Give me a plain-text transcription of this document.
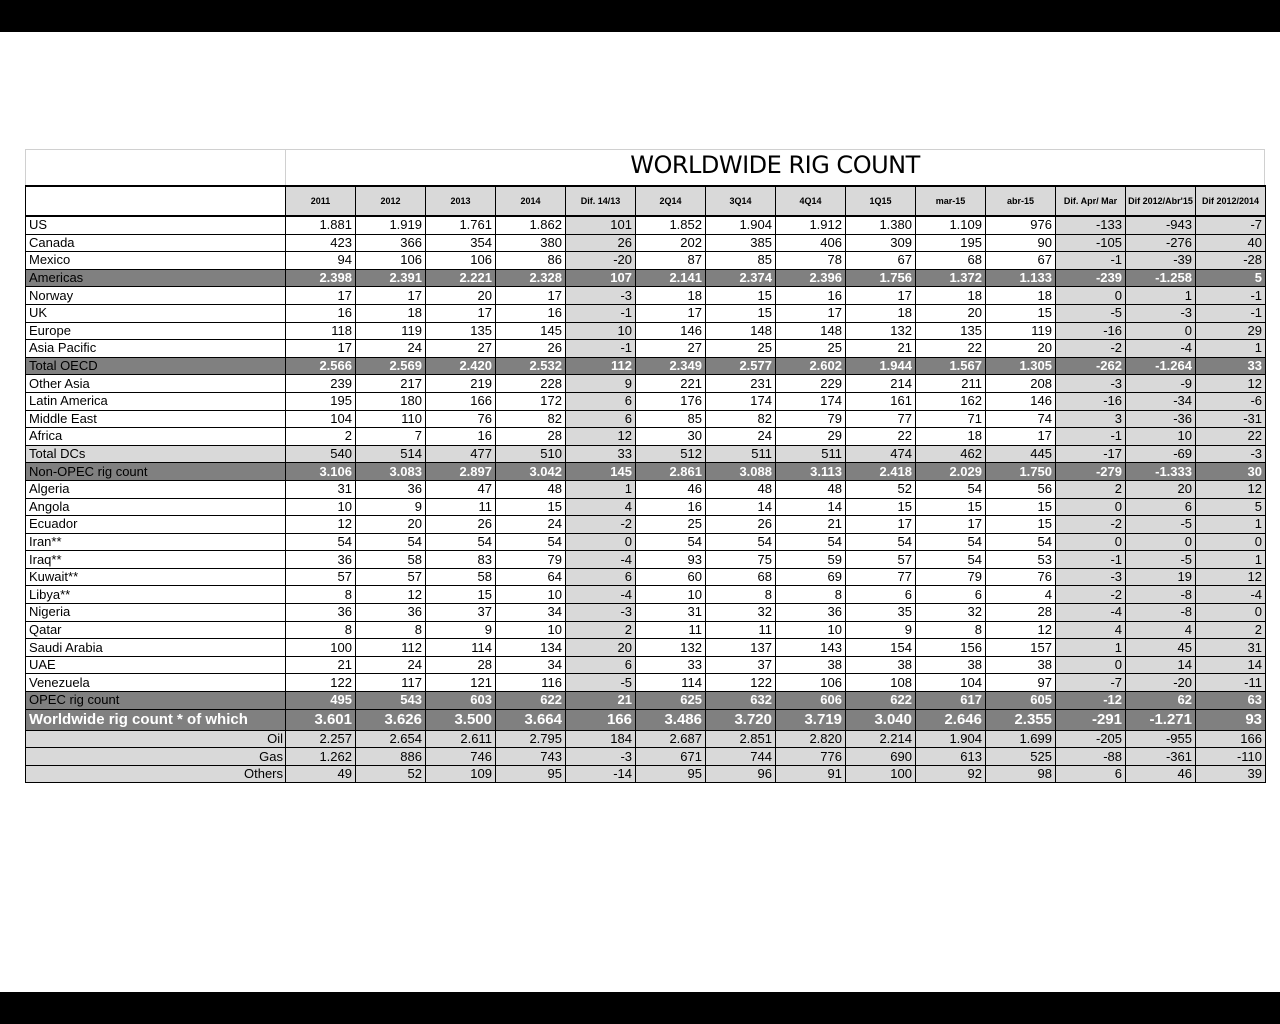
WORLDWIDE RIG COUNT
	2011	2012	2013	2014	Dif. 14/13	2Q14	3Q14	4Q14	1Q15	mar-15	abr-15	Dif. Apr/ Mar	Dif 2012/Abr'15	Dif 2012/2014
US	1.881	1.919	1.761	1.862	101	1.852	1.904	1.912	1.380	1.109	976	-133	-943	-7
Canada	423	366	354	380	26	202	385	406	309	195	90	-105	-276	40
Mexico	94	106	106	86	-20	87	85	78	67	68	67	-1	-39	-28
Americas	2.398	2.391	2.221	2.328	107	2.141	2.374	2.396	1.756	1.372	1.133	-239	-1.258	5
Norway	17	17	20	17	-3	18	15	16	17	18	18	0	1	-1
UK	16	18	17	16	-1	17	15	17	18	20	15	-5	-3	-1
Europe	118	119	135	145	10	146	148	148	132	135	119	-16	0	29
Asia Pacific	17	24	27	26	-1	27	25	25	21	22	20	-2	-4	1
Total OECD	2.566	2.569	2.420	2.532	112	2.349	2.577	2.602	1.944	1.567	1.305	-262	-1.264	33
Other Asia	239	217	219	228	9	221	231	229	214	211	208	-3	-9	12
Latin America	195	180	166	172	6	176	174	174	161	162	146	-16	-34	-6
Middle East	104	110	76	82	6	85	82	79	77	71	74	3	-36	-31
Africa	2	7	16	28	12	30	24	29	22	18	17	-1	10	22
Total DCs	540	514	477	510	33	512	511	511	474	462	445	-17	-69	-3
Non-OPEC rig count	3.106	3.083	2.897	3.042	145	2.861	3.088	3.113	2.418	2.029	1.750	-279	-1.333	30
Algeria	31	36	47	48	1	46	48	48	52	54	56	2	20	12
Angola	10	9	11	15	4	16	14	14	15	15	15	0	6	5
Ecuador	12	20	26	24	-2	25	26	21	17	17	15	-2	-5	1
Iran**	54	54	54	54	0	54	54	54	54	54	54	0	0	0
Iraq**	36	58	83	79	-4	93	75	59	57	54	53	-1	-5	1
Kuwait**	57	57	58	64	6	60	68	69	77	79	76	-3	19	12
Libya**	8	12	15	10	-4	10	8	8	6	6	4	-2	-8	-4
Nigeria	36	36	37	34	-3	31	32	36	35	32	28	-4	-8	0
Qatar	8	8	9	10	2	11	11	10	9	8	12	4	4	2
Saudi Arabia	100	112	114	134	20	132	137	143	154	156	157	1	45	31
UAE	21	24	28	34	6	33	37	38	38	38	38	0	14	14
Venezuela	122	117	121	116	-5	114	122	106	108	104	97	-7	-20	-11
OPEC rig count	495	543	603	622	21	625	632	606	622	617	605	-12	62	63
Worldwide rig count * of which	3.601	3.626	3.500	3.664	166	3.486	3.720	3.719	3.040	2.646	2.355	-291	-1.271	93
Oil	2.257	2.654	2.611	2.795	184	2.687	2.851	2.820	2.214	1.904	1.699	-205	-955	166
Gas	1.262	886	746	743	-3	671	744	776	690	613	525	-88	-361	-110
Others	49	52	109	95	-14	95	96	91	100	92	98	6	46	39
